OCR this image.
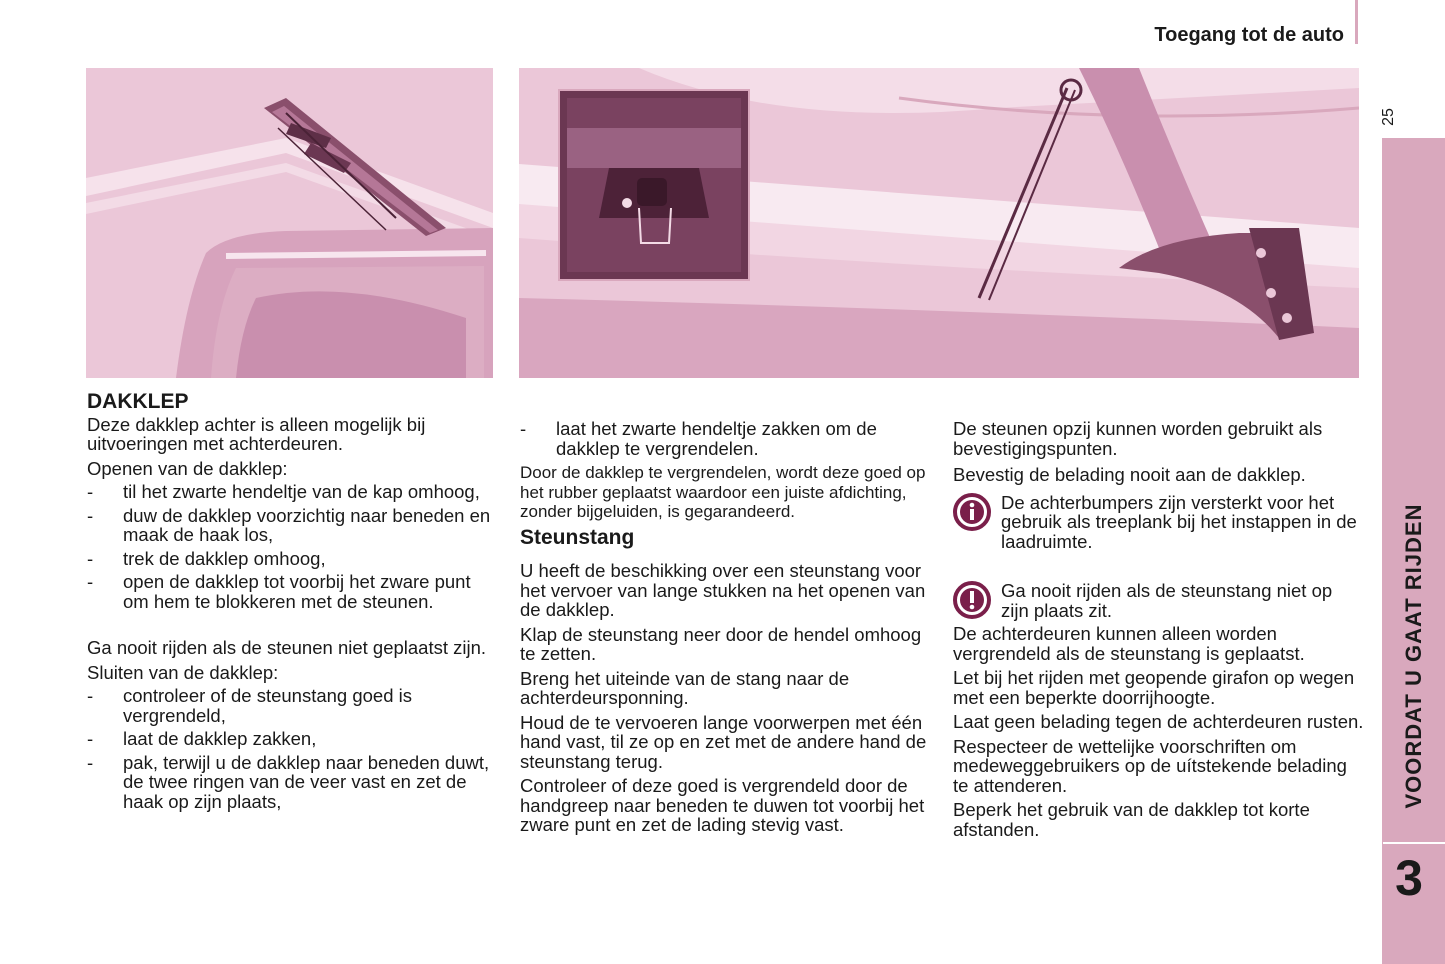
Toegang tot de auto
25
VOORDAT U GAAT RIJDEN
3
DAKKLEP

Deze dakklep achter is alleen mogelijk bij uitvoeringen met achterdeuren.

Openen van de dakklep:

- til het zwarte hendeltje van de kap omhoog,
- duw de dakklep voorzichtig naar beneden en maak de haak los,
- trek de dakklep omhoog,
- open de dakklep tot voorbij het zware punt om hem te blokkeren met de steunen.

Ga nooit rijden als de steunen niet geplaatst zijn.

Sluiten van de dakklep:

- controleer of de steunstang goed is vergrendeld,
- laat de dakklep zakken,
- pak, terwijl u de dakklep naar beneden duwt, de twee ringen van de veer vast en zet de haak op zijn plaats,
- laat het zwarte hendeltje zakken om de dakklep te vergrendelen.

Door de dakklep te vergrendelen, wordt deze goed op het rubber geplaatst waardoor een juiste afdichting, zonder bijgeluiden, is gegarandeerd.

Steunstang

U heeft de beschikking over een steunstang voor het vervoer van lange stukken na het openen van de dakklep.

Klap de steunstang neer door de hendel omhoog te zetten.

Breng het uiteinde van de stang naar de achterdeursponning.

Houd de te vervoeren lange voorwerpen met één hand vast, til ze op en zet met de andere hand de steunstang terug.

Controleer of deze goed is vergrendeld door de handgreep naar beneden te duwen tot voorbij het zware punt en zet de lading stevig vast.

De steunen opzij kunnen worden gebruikt als bevestigingspunten.

Bevestig de belading nooit aan de dakklep.

De achterbumpers zijn versterkt voor het gebruik als treeplank bij het instappen in de laadruimte.
Ga nooit rijden als de steunstang niet op zijn plaats zit.

De achterdeuren kunnen alleen worden vergrendeld als de steunstang is geplaatst.

Let bij het rijden met geopende girafon op wegen met een beperkte doorrijhoogte.

Laat geen belading tegen de achterdeuren rusten.

Respecteer de wettelijke voorschriften om medeweggebruikers op de uítstekende belading te attenderen.

Beperk het gebruik van de dakklep tot korte afstanden.
